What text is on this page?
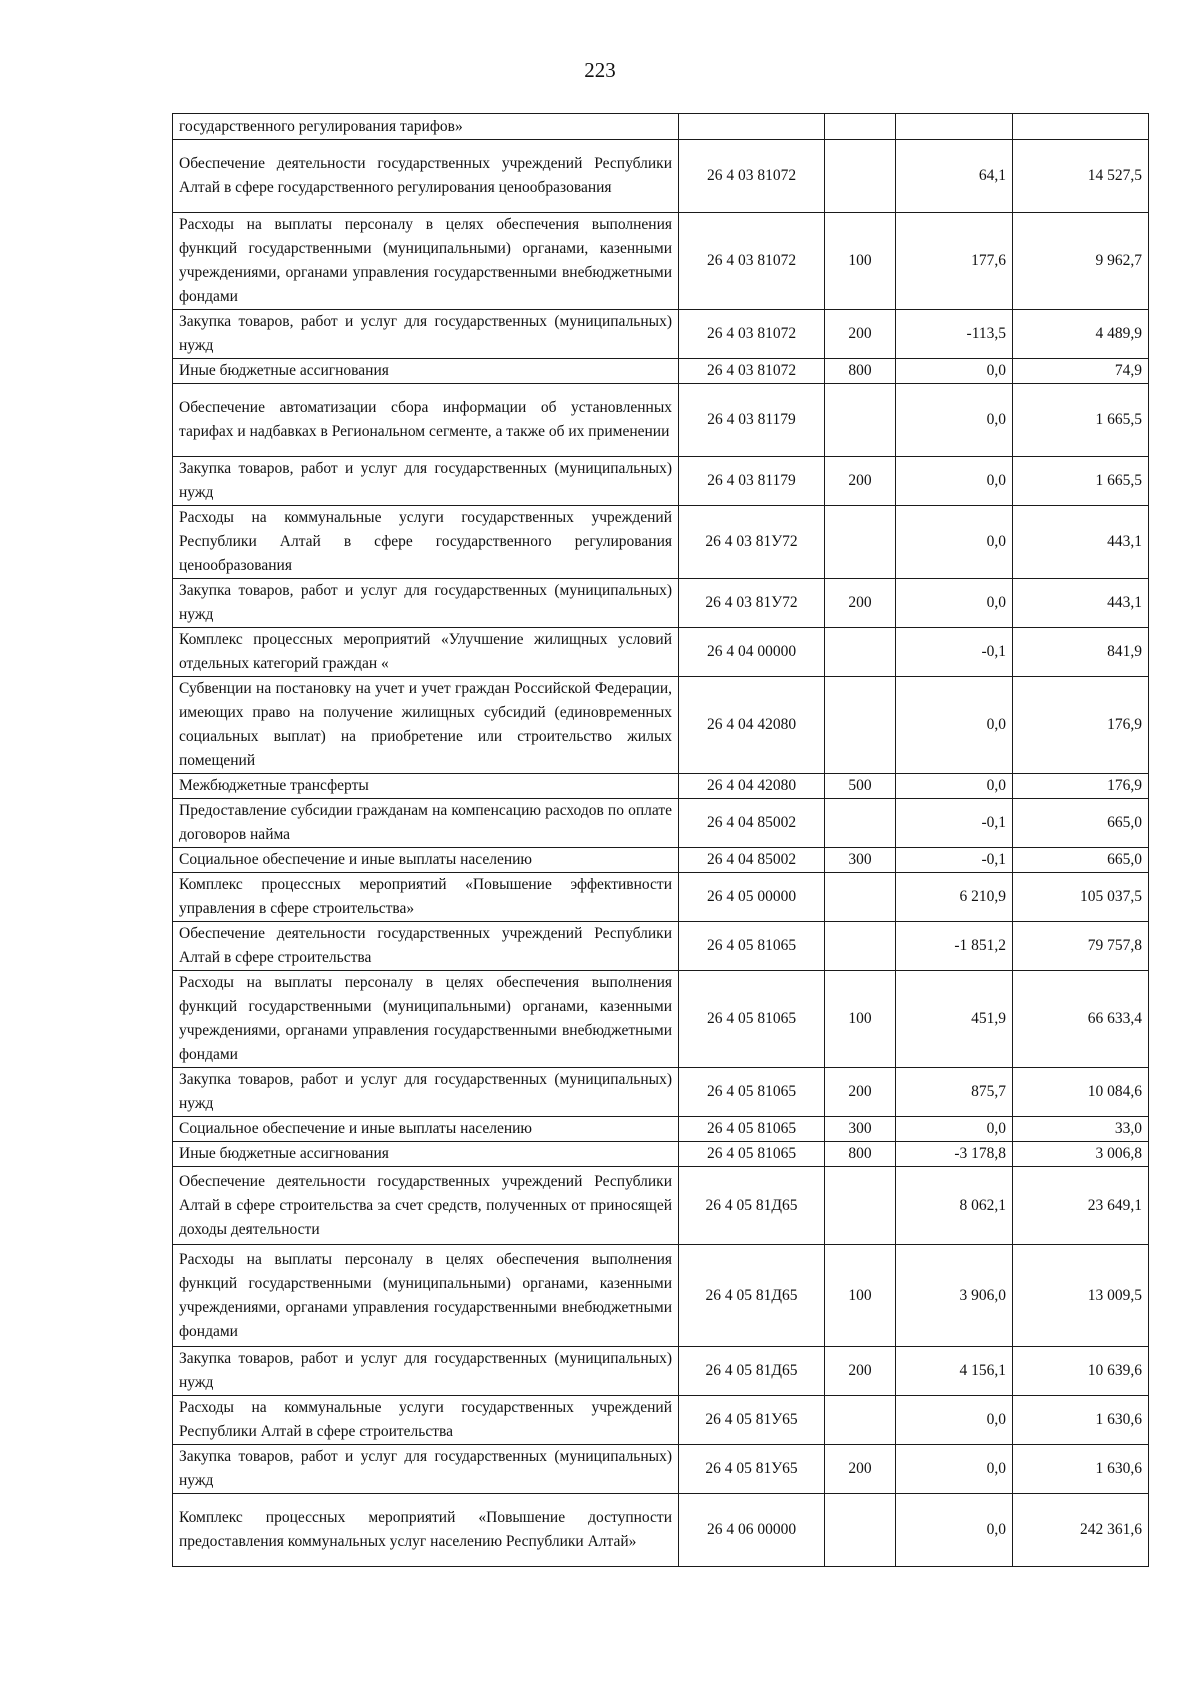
223
государственного регулирования тарифов»				
Обеспечение деятельности государственных учреждений Республики Алтай в сфере государственного регулирования ценообразования	26 4 03 81072		64,1	14 527,5
Расходы на выплаты персоналу в целях обеспечения выполнения функций государственными (муниципальными) органами, казенными учреждениями, органами управления государственными внебюджетными фондами	26 4 03 81072	100	177,6	9 962,7
Закупка товаров, работ и услуг для государственных (муниципальных) нужд	26 4 03 81072	200	-113,5	4 489,9
Иные бюджетные ассигнования	26 4 03 81072	800	0,0	74,9
Обеспечение автоматизации сбора информации об установленных тарифах и надбавках в Региональном сегменте, а также об их применении	26 4 03 81179		0,0	1 665,5
Закупка товаров, работ и услуг для государственных (муниципальных) нужд	26 4 03 81179	200	0,0	1 665,5
Расходы на коммунальные услуги государственных учреждений Республики Алтай в сфере государственного регулирования ценообразования	26 4 03 81У72		0,0	443,1
Закупка товаров, работ и услуг для государственных (муниципальных) нужд	26 4 03 81У72	200	0,0	443,1
Комплекс процессных мероприятий «Улучшение жилищных условий отдельных категорий граждан «	26 4 04 00000		-0,1	841,9
Субвенции на постановку на учет и учет граждан Российской Федерации, имеющих право на получение жилищных субсидий (единовременных социальных выплат) на приобретение или строительство жилых помещений	26 4 04 42080		0,0	176,9
Межбюджетные трансферты	26 4 04 42080	500	0,0	176,9
Предоставление субсидии гражданам на компенсацию расходов по оплате договоров найма	26 4 04 85002		-0,1	665,0
Социальное обеспечение и иные выплаты населению	26 4 04 85002	300	-0,1	665,0
Комплекс процессных мероприятий «Повышение эффективности управления в сфере строительства»	26 4 05 00000		6 210,9	105 037,5
Обеспечение деятельности государственных учреждений Республики Алтай в сфере строительства	26 4 05 81065		-1 851,2	79 757,8
Расходы на выплаты персоналу в целях обеспечения выполнения функций государственными (муниципальными) органами, казенными учреждениями, органами управления государственными внебюджетными фондами	26 4 05 81065	100	451,9	66 633,4
Закупка товаров, работ и услуг для государственных (муниципальных) нужд	26 4 05 81065	200	875,7	10 084,6
Социальное обеспечение и иные выплаты населению	26 4 05 81065	300	0,0	33,0
Иные бюджетные ассигнования	26 4 05 81065	800	-3 178,8	3 006,8
Обеспечение деятельности государственных учреждений Республики Алтай в сфере строительства за счет средств, полученных от приносящей доходы деятельности	26 4 05 81Д65		8 062,1	23 649,1
Расходы на выплаты персоналу в целях обеспечения выполнения функций государственными (муниципальными) органами, казенными учреждениями, органами управления государственными внебюджетными фондами	26 4 05 81Д65	100	3 906,0	13 009,5
Закупка товаров, работ и услуг для государственных (муниципальных) нужд	26 4 05 81Д65	200	4 156,1	10 639,6
Расходы на коммунальные услуги государственных учреждений Республики Алтай в сфере строительства	26 4 05 81У65		0,0	1 630,6
Закупка товаров, работ и услуг для государственных (муниципальных) нужд	26 4 05 81У65	200	0,0	1 630,6
Комплекс процессных мероприятий «Повышение доступности предоставления коммунальных услуг населению Республики Алтай»	26 4 06 00000		0,0	242 361,6
